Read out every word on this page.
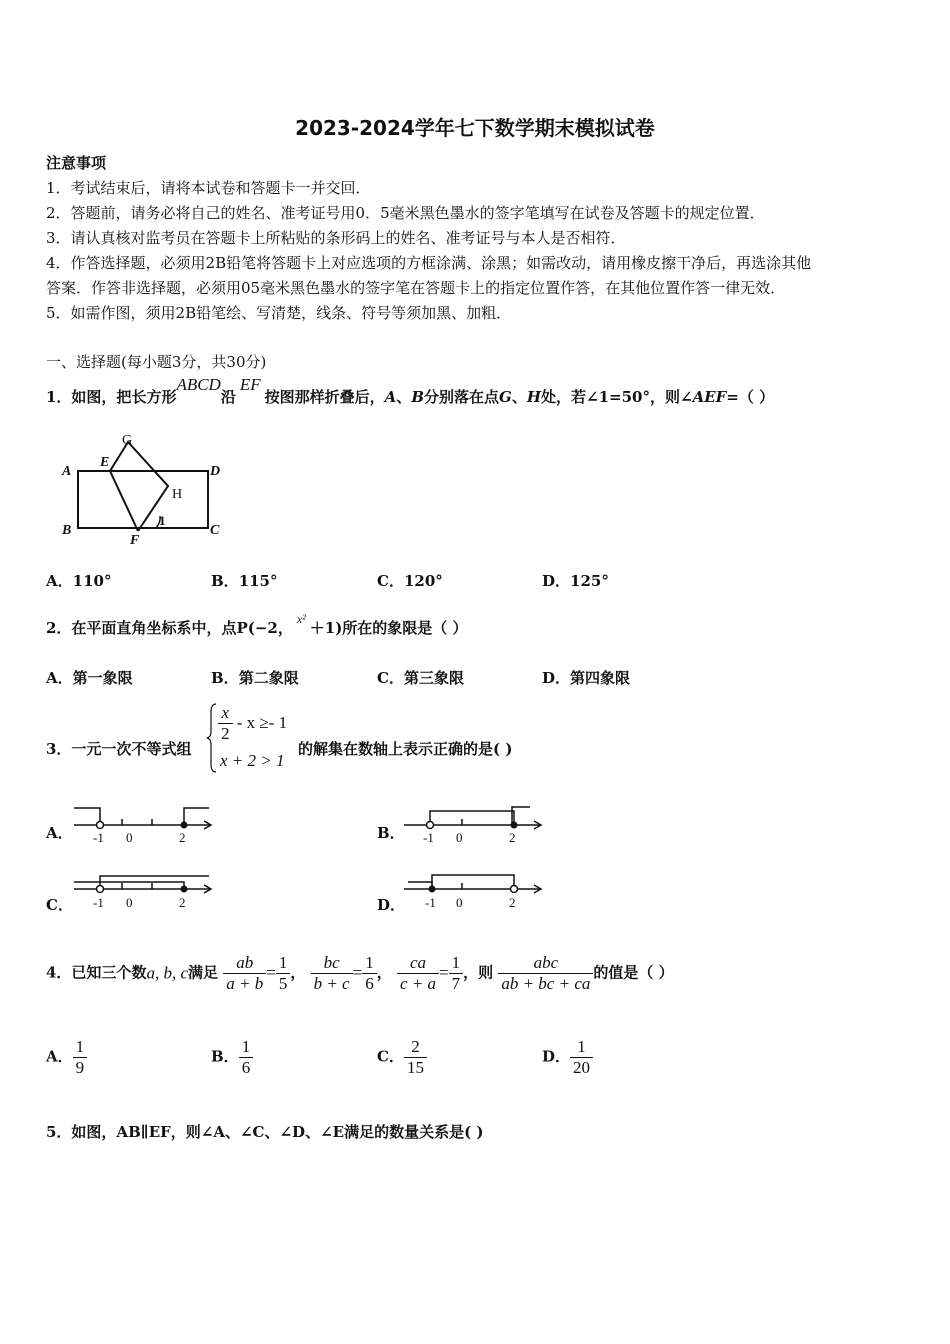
2023-2024学年七下数学期末模拟试卷
注意事项
1．考试结束后，请将本试卷和答题卡一并交回．
2．答题前，请务必将自己的姓名、准考证号用0．5毫米黑色墨水的签字笔填写在试卷及答题卡的规定位置．
3．请认真核对监考员在答题卡上所粘贴的条形码上的姓名、准考证号与本人是否相符．
4．作答选择题，必须用2B铅笔将答题卡上对应选项的方框涂满、涂黑；如需改动，请用橡皮擦干净后，再选涂其他
答案．作答非选择题，必须用05毫米黑色墨水的签字笔在答题卡上的指定位置作答，在其他位置作答一律无效．
5．如需作图，须用2B铅笔绘、写清楚，线条、符号等须加黑、加粗．
一、选择题(每小题3分，共30分)
1．如图，把长方形ABCD沿EF按图那样折叠后，A、B分别落在点G、H处，若∠1=50°，则∠AEF=（ ）
A
E
G
D
H
B
F
1
C
A．110°	B．115°	C．120°	D．125°
2．在平面直角坐标系中，点P(−2， $^{x^2}$ ＋1)所在的象限是（ ）
A．第一象限	B．第二象限	C．第三象限	D．第四象限
3．一元一次不等式组
$\frac{x}{2} - x \ge- 1$
x + 2 > 1
的解集在数轴上表示正确的是( )
A． -1 0	2	B． -1 0	2
C． -1 0	2	D． -1 0	2
4．已知三个数a, b, c满足 $\frac{ab}{a + b} = \frac{1}{5}$ ， $\frac{bc}{b + c} = \frac{1}{6}$ ， $\frac{ca}{c + a} = \frac{1}{7}$ ，则 $\frac{\text{abc}}{ab + bc + ca}$ 的值是（ ）
A． $\frac{1}{9}$	B． $\frac{1}{6}$	C． $\frac{2}{15}$	D． $\frac{1}{20}$
5．如图，AB∥EF，则∠A、∠C、∠D、∠E满足的数量关系是( )
